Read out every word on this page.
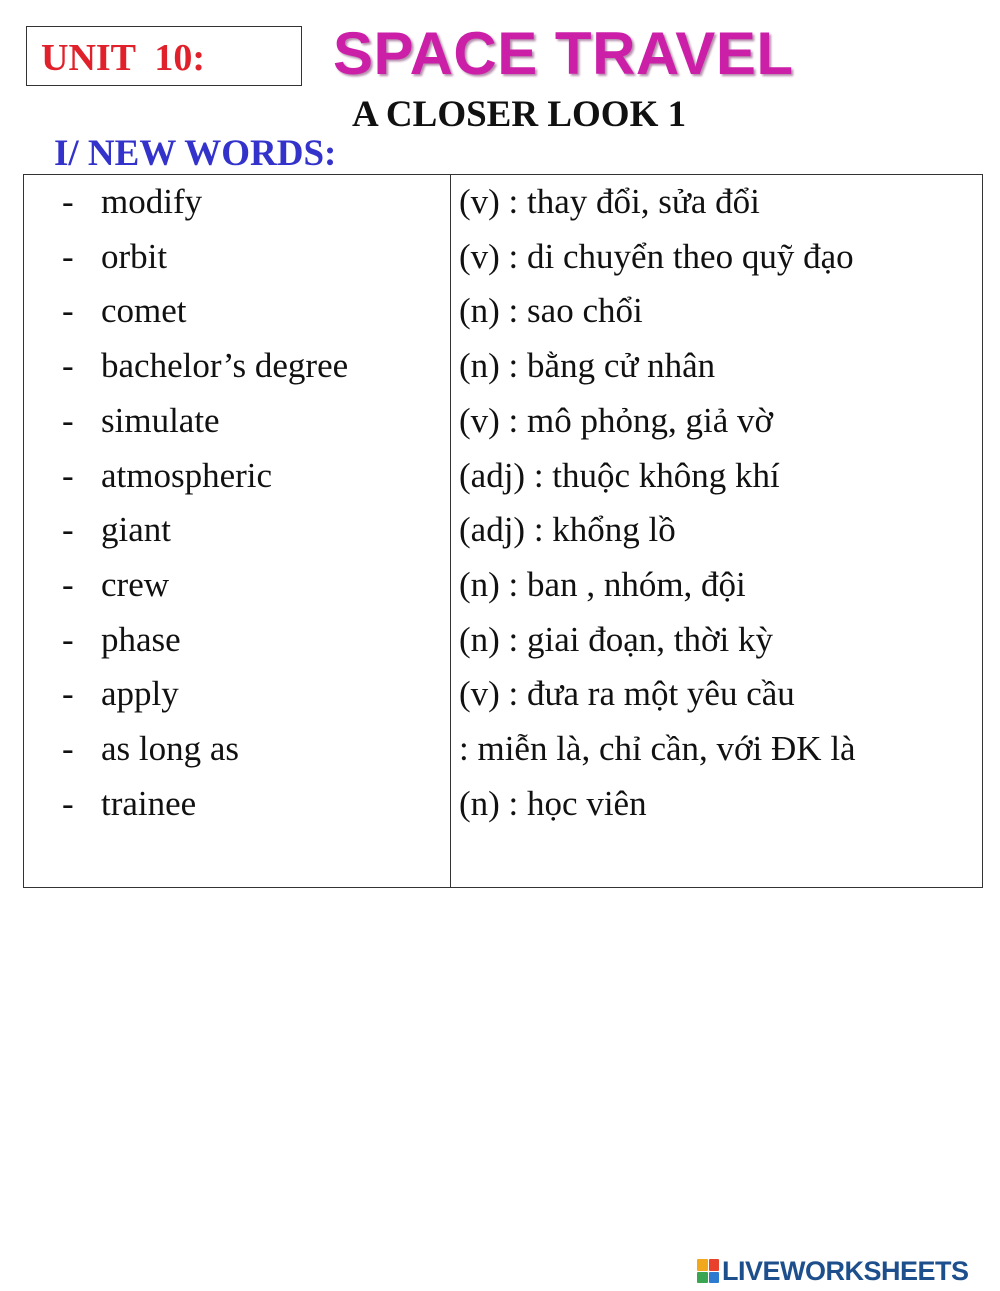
UNIT  10: SPACE TRAVEL
A CLOSER LOOK 1
I/ NEW WORDS:
- modify	(v) : thay đổi, sửa đổi
- orbit	(v) : di chuyển theo quỹ đạo
- comet	(n) : sao chổi
- bachelor’s degree	(n) : bằng cử nhân
- simulate	(v) : mô phỏng, giả vờ
- atmospheric	(adj) : thuộc không khí
- giant	(adj) : khổng lồ
- crew	(n) : ban , nhóm, đội
- phase	(n) : giai đoạn, thời kỳ
- apply	(v) : đưa ra một yêu cầu
- as long as	: miễn là, chỉ cần, với ĐK là
- trainee	(n) : học viên
LIVEWORKSHEETS
